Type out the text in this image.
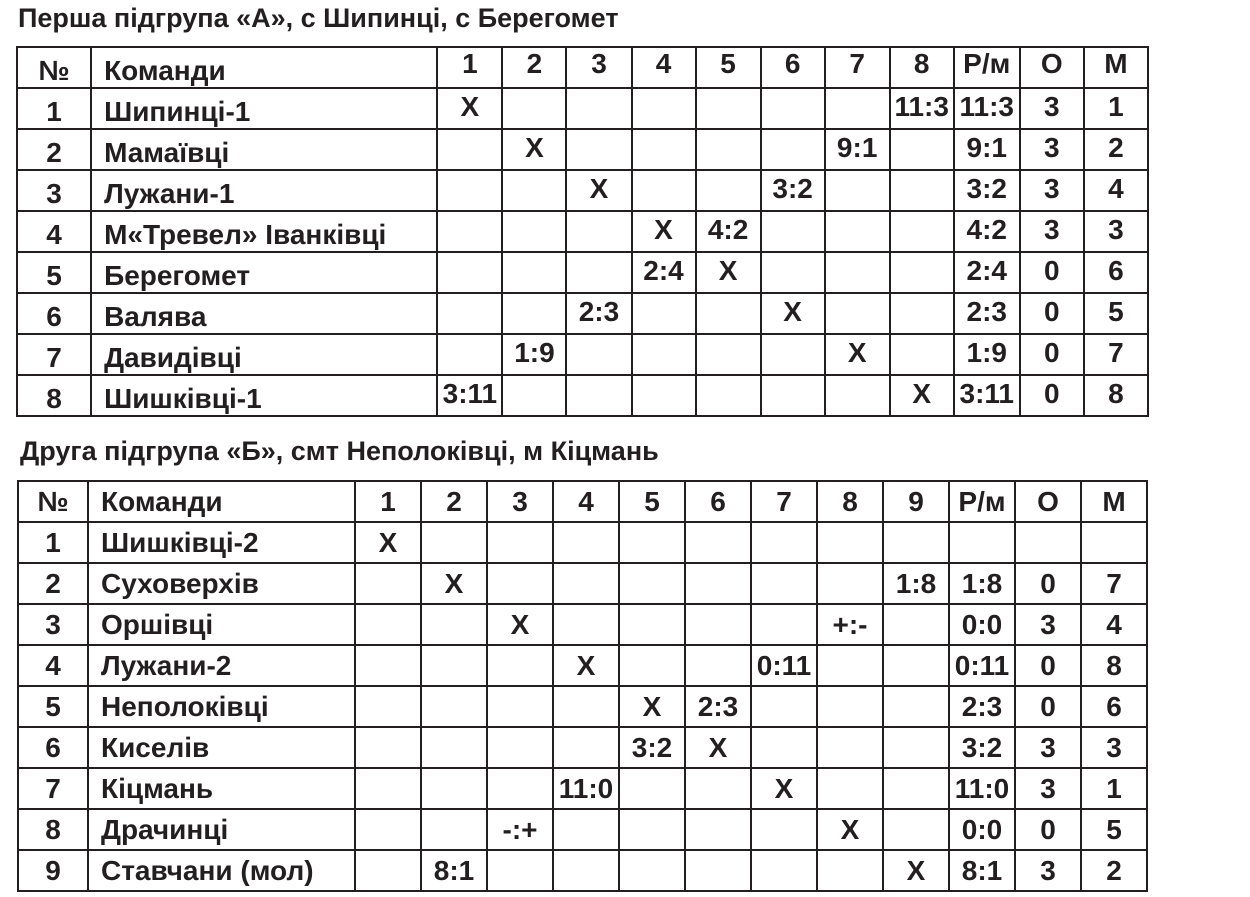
Перша підгрупа «А», с Шипинці, с Берегомет
№	Команди	1	2	3	4	5	6	7	8	Р/м	О	М
1	Шипинці-1	Х							11:3	11:3	3	1
2	Мамаївці		Х					9:1		9:1	3	2
3	Лужани-1			Х			3:2			3:2	3	4
4	М«Тревел» Іванківці				Х	4:2				4:2	3	3
5	Берегомет				2:4	Х				2:4	0	6
6	Валява			2:3			Х			2:3	0	5
7	Давидівці		1:9					Х		1:9	0	7
8	Шишківці-1	3:11							Х	3:11	0	8
Друга підгрупа «Б», смт Неполоківці, м Кіцмань
№	Команди	1	2	3	4	5	6	7	8	9	Р/м	О	М
1	Шишківці-2	Х											
2	Суховерхів		Х							1:8	1:8	0	7
3	Оршівці			Х					+:-		0:0	3	4
4	Лужани-2				Х			0:11			0:11	0	8
5	Неполоківці					Х	2:3				2:3	0	6
6	Киселів					3:2	Х				3:2	3	3
7	Кіцмань				11:0			Х			11:0	3	1
8	Драчинці			-:+					Х		0:0	0	5
9	Ставчани (мол)		8:1							Х	8:1	3	2
